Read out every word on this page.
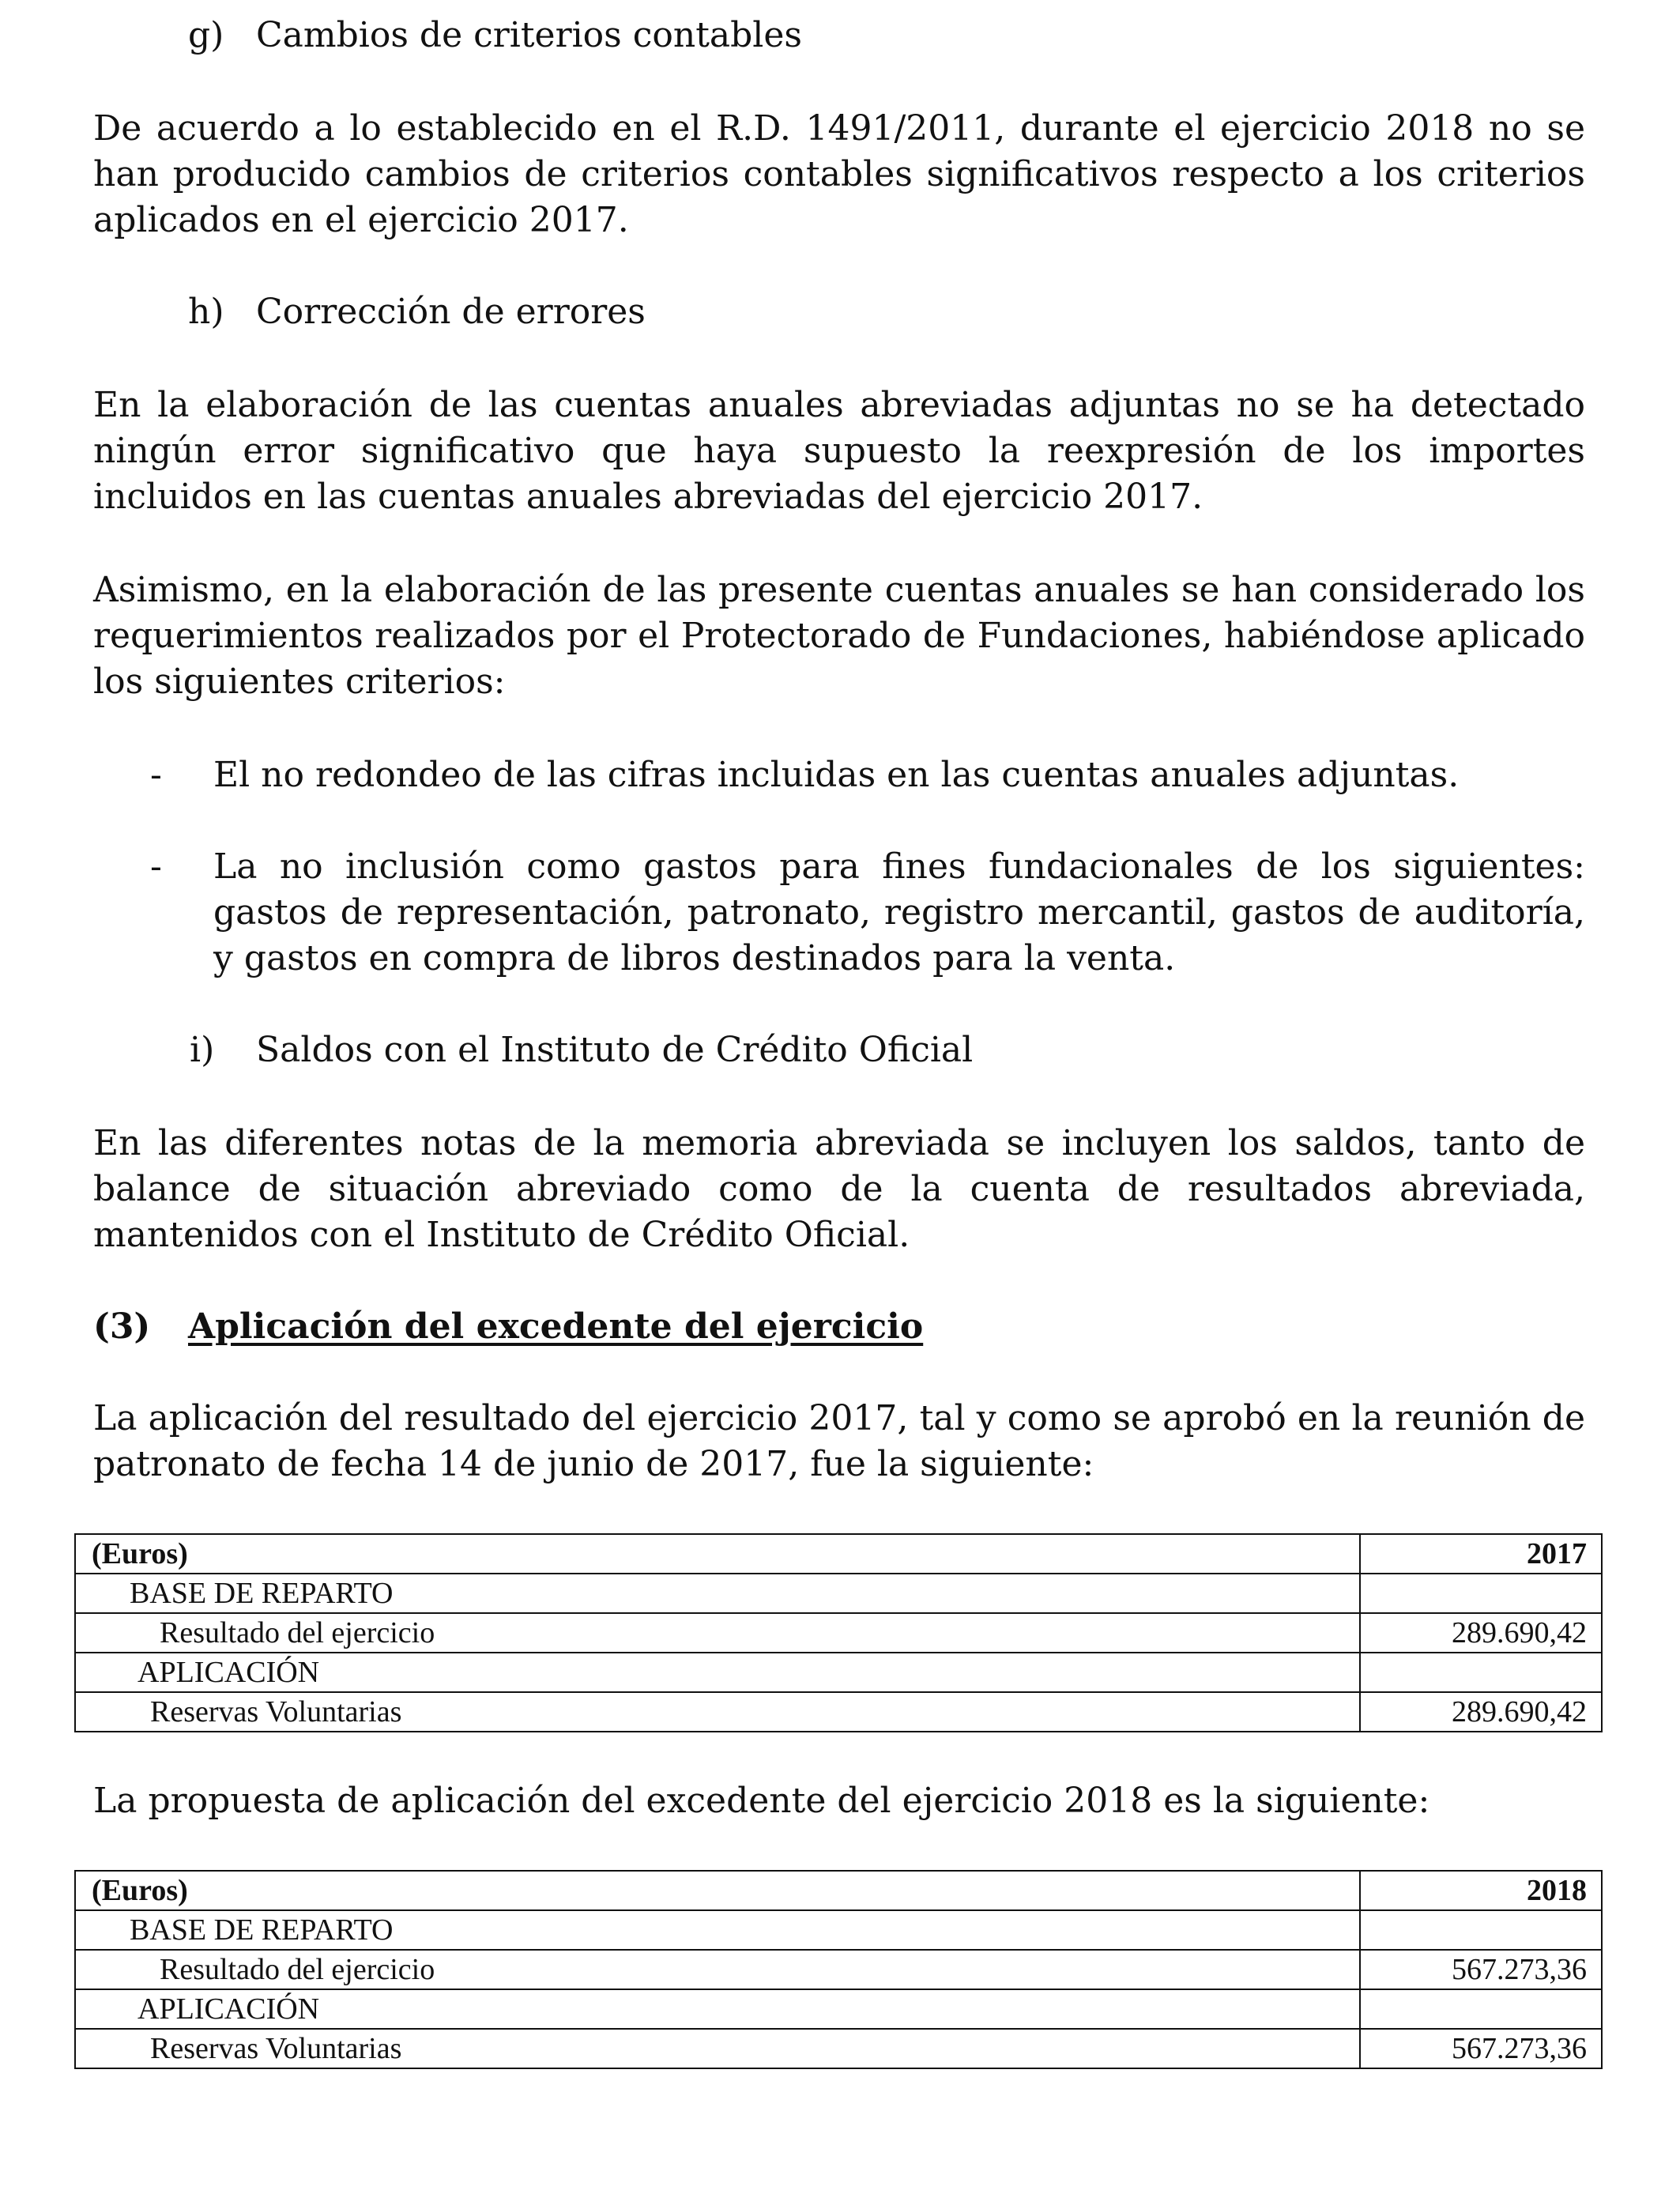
g) Cambios de criterios contables
De acuerdo a lo establecido en el R.D. 1491/2011, durante el ejercicio 2018 no se han producido cambios de criterios contables significativos respecto a los criterios aplicados en el ejercicio 2017.
h) Corrección de errores
En la elaboración de las cuentas anuales abreviadas adjuntas no se ha detectado ningún error significativo que haya supuesto la reexpresión de los importes incluidos en las cuentas anuales abreviadas del ejercicio 2017.
Asimismo, en la elaboración de las presente cuentas anuales se han considerado los requerimientos realizados por el Protectorado de Fundaciones, habiéndose aplicado los siguientes criterios:
- El no redondeo de las cifras incluidas en las cuentas anuales adjuntas.
- La no inclusión como gastos para fines fundacionales de los siguientes: gastos de representación, patronato, registro mercantil, gastos de auditoría, y gastos en compra de libros destinados para la venta.
i) Saldos con el Instituto de Crédito Oficial
En las diferentes notas de la memoria abreviada se incluyen los saldos, tanto de balance de situación abreviado como de la cuenta de resultados abreviada, mantenidos con el Instituto de Crédito Oficial.
(3) Aplicación del excedente del ejercicio
La aplicación del resultado del ejercicio 2017, tal y como se aprobó en la reunión de patronato de fecha 14 de junio de 2017, fue la siguiente:
(Euros)	2017
BASE DE REPARTO	
Resultado del ejercicio	289.690,42
APLICACIÓN	
Reservas Voluntarias	289.690,42
La propuesta de aplicación del excedente del ejercicio 2018 es la siguiente:
(Euros)	2018
BASE DE REPARTO	
Resultado del ejercicio	567.273,36
APLICACIÓN	
Reservas Voluntarias	567.273,36
